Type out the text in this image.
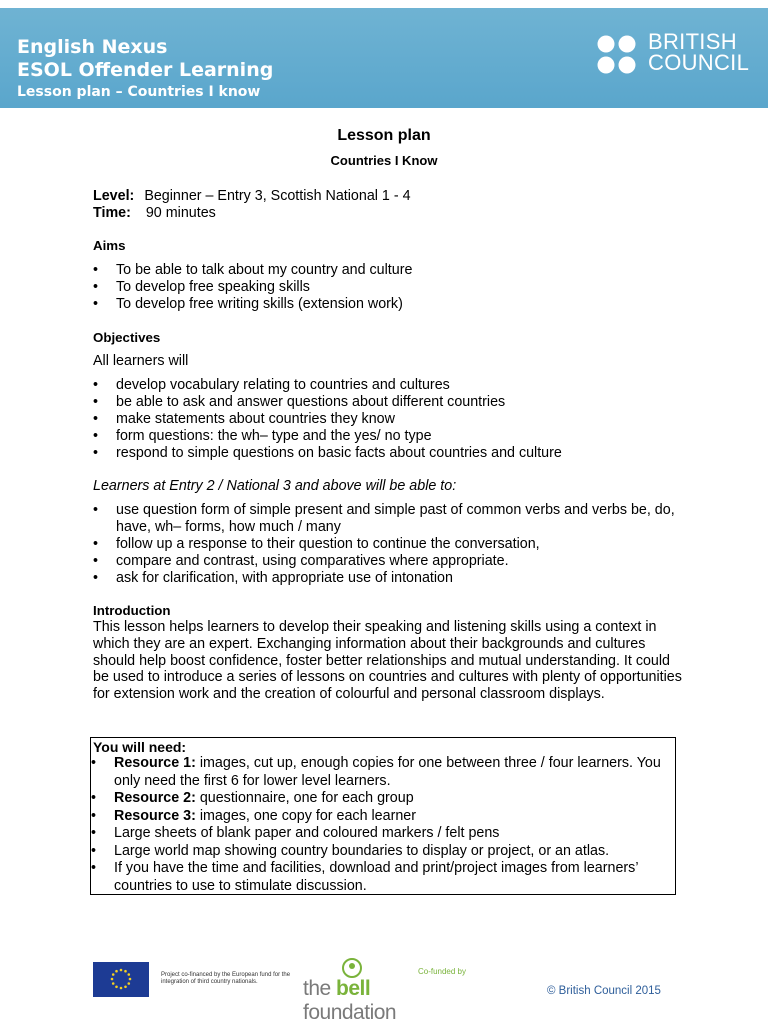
English Nexus
ESOL Offender Learning
Lesson plan – Countries I know
BRITISH
COUNCIL
Lesson plan
Countries I Know
Level: Beginner – Entry 3, Scottish National 1 - 4
Time: 90 minutes
Aims
• To be able to talk about my country and culture
• To develop free speaking skills
• To develop free writing skills (extension work)
Objectives
All learners will
• develop vocabulary relating to countries and cultures
• be able to ask and answer questions about different countries
• make statements about countries they know
• form questions: the wh– type and the yes/ no type
• respond to simple questions on basic facts about countries and culture
Learners at Entry 2 / National 3 and above will be able to:
• use question form of simple present and simple past of common verbs and verbs be, do, have, wh– forms, how much / many
• follow up a response to their question to continue the conversation,
• compare and contrast, using comparatives where appropriate.
• ask for clarification, with appropriate use of intonation
Introduction
This lesson helps learners to develop their speaking and listening skills using a context in which they are an expert. Exchanging information about their backgrounds and cultures should help boost confidence, foster better relationships and mutual understanding. It could be used to introduce a series of lessons on countries and cultures with plenty of opportunities for extension work and the creation of colourful and personal classroom displays.
You will need:
• Resource 1: images, cut up, enough copies for one between three / four learners. You only need the first 6 for lower level learners.
• Resource 2: questionnaire, one for each group
• Resource 3: images, one copy for each learner
• Large sheets of blank paper and coloured markers / felt pens
• Large world map showing country boundaries to display or project, or an atlas.
• If you have the time and facilities, download and print/project images from learners’ countries to use to stimulate discussion.
Project co-financed by the European fund for the integration of third country nationals.
Co-funded by
the bell foundation
© British Council 2015
